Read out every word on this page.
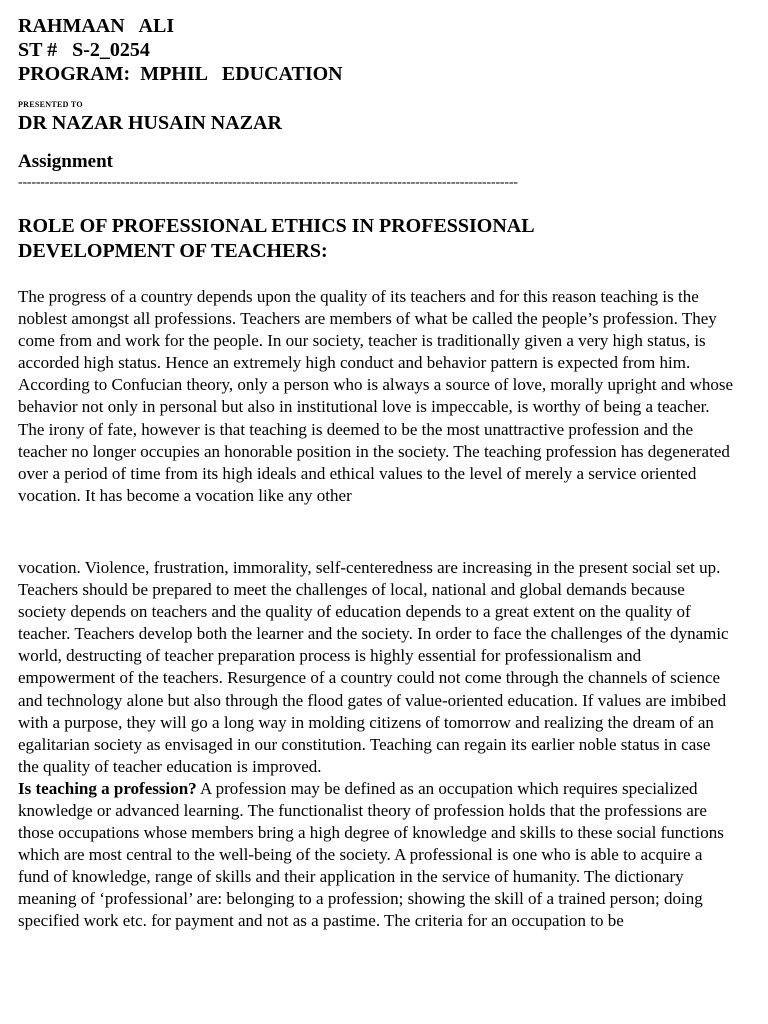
RAHMAAN   ALI
ST #   S-2_0254
PROGRAM:  MPHIL   EDUCATION
PRESENTED TO
DR NAZAR HUSAIN NAZAR
Assignment
----------------------------------------------------------------------------------------------------------------
ROLE OF PROFESSIONAL ETHICS IN PROFESSIONAL
DEVELOPMENT OF TEACHERS:

The progress of a country depends upon the quality of its teachers and for this reason teaching is the noblest amongst all professions. Teachers are members of what be called the people’s profession. They come from and work for the people. In our society, teacher is traditionally given a very high status, is accorded high status. Hence an extremely high conduct and behavior pattern is expected from him. According to Confucian theory, only a person who is always a source of love, morally upright and whose behavior not only in personal but also in institutional love is impeccable, is worthy of being a teacher.

The irony of fate, however is that teaching is deemed to be the most unattractive profession and the teacher no longer occupies an honorable position in the society. The teaching profession has degenerated over a period of time from its high ideals and ethical values to the level of merely a service oriented vocation. It has become a vocation like any other

vocation. Violence, frustration, immorality, self-centeredness are increasing in the present social set up. Teachers should be prepared to meet the challenges of local, national and global demands because society depends on teachers and the quality of education depends to a great extent on the quality of teacher. Teachers develop both the learner and the society. In order to face the challenges of the dynamic world, destructing of teacher preparation process is highly essential for professionalism and empowerment of the teachers. Resurgence of a country could not come through the channels of science and technology alone but also through the flood gates of value-oriented education. If values are imbibed with a purpose, they will go a long way in molding citizens of tomorrow and realizing the dream of an egalitarian society as envisaged in our constitution. Teaching can regain its earlier noble status in case the quality of teacher education is improved.

Is teaching a profession? A profession may be defined as an occupation which requires specialized knowledge or advanced learning. The functionalist theory of profession holds that the professions are those occupations whose members bring a high degree of knowledge and skills to these social functions which are most central to the well-being of the society. A professional is one who is able to acquire a fund of knowledge, range of skills and their application in the service of humanity. The dictionary meaning of ‘professional’ are: belonging to a profession; showing the skill of a trained person; doing specified work etc. for payment and not as a pastime. The criteria for an occupation to be
